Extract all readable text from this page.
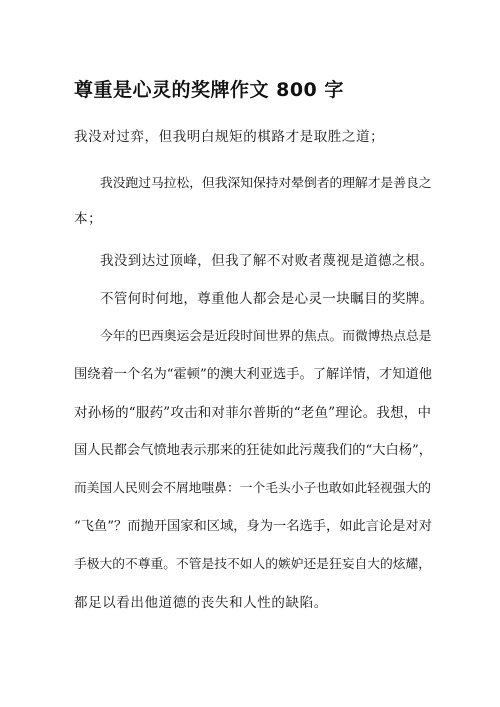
尊重是心灵的奖牌作文 800 字
我没对过弈，但我明白规矩的棋路才是取胜之道；
我没跑过马拉松，但我深知保持对晕倒者的理解才是善良之
本；
我没到达过顶峰，但我了解不对败者蔑视是道德之根。
不管何时何地，尊重他人都会是心灵一块瞩目的奖牌。
今年的巴西奥运会是近段时间世界的焦点。而微博热点总是
围绕着一个名为“霍顿”的澳大利亚选手。了解详情，才知道他
对孙杨的“服药”攻击和对菲尔普斯的“老鱼”理论。我想，中
国人民都会气愤地表示那来的狂徒如此污蔑我们的“大白杨”，
而美国人民则会不屑地嗤鼻：一个毛头小子也敢如此轻视强大的
“飞鱼”？而抛开国家和区域，身为一名选手，如此言论是对对
手极大的不尊重。不管是技不如人的嫉妒还是狂妄自大的炫耀，
都足以看出他道德的丧失和人性的缺陷。
